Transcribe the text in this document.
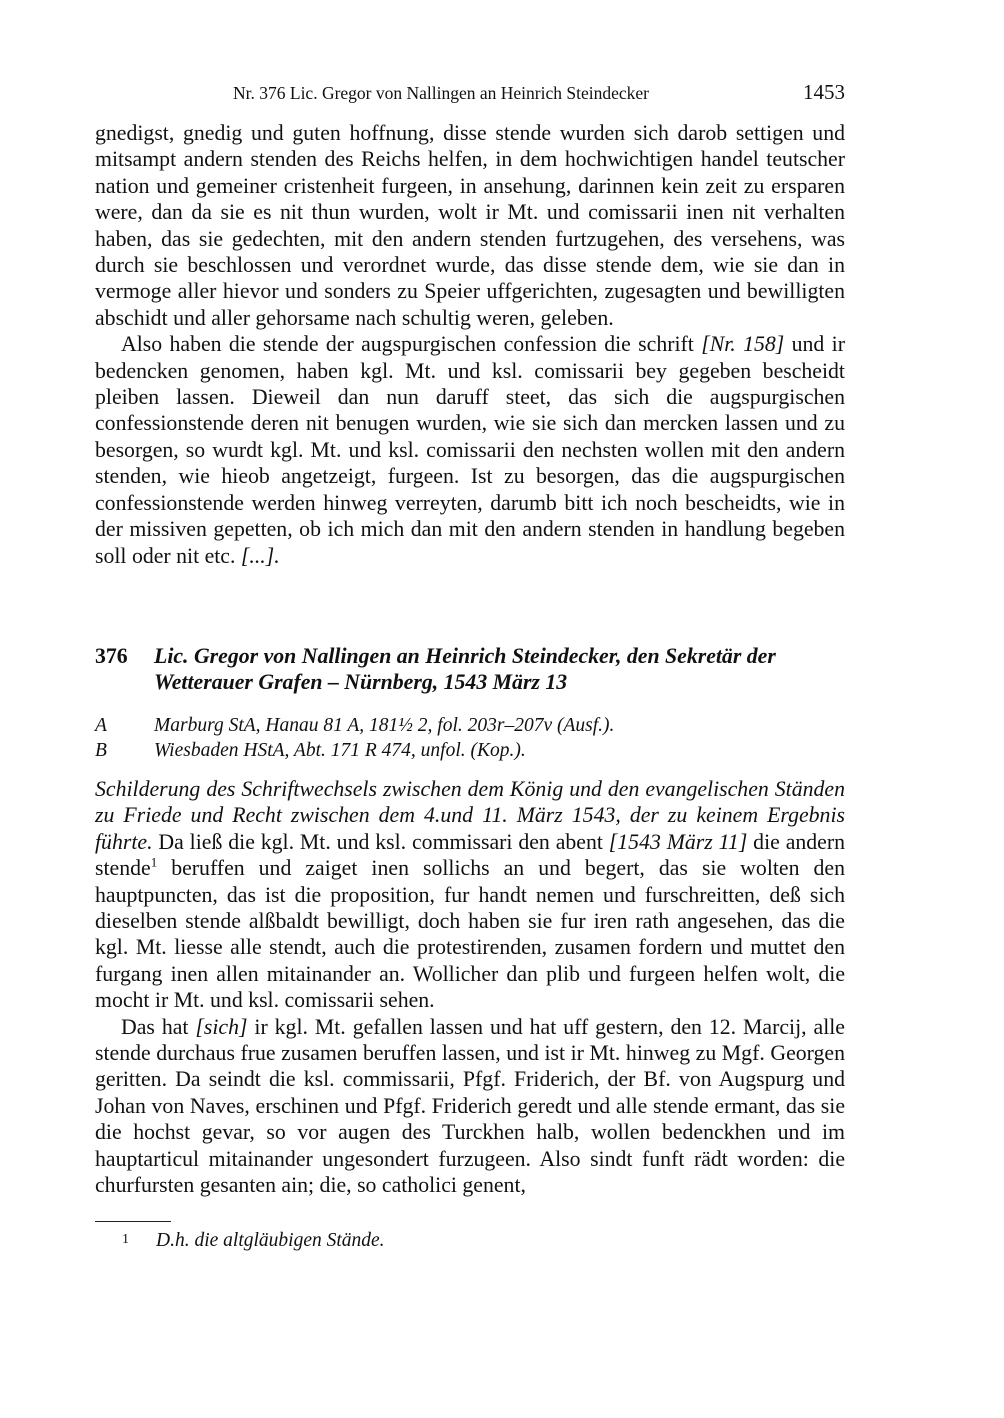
Nr. 376 Lic. Gregor von Nallingen an Heinrich Steindecker	1453

gnedigst, gnedig und guten hoffnung, disse stende wurden sich darob settigen und mitsampt andern stenden des Reichs helfen, in dem hochwichtigen handel teutscher nation und gemeiner cristenheit furgeen, in ansehung, darinnen kein zeit zu ersparen were, dan da sie es nit thun wurden, wolt ir Mt. und comissarii inen nit verhalten haben, das sie gedechten, mit den andern stenden furtzugehen, des versehens, was durch sie beschlossen und verordnet wurde, das disse stende dem, wie sie dan in vermoge aller hievor und sonders zu Speier uffgerichten, zugesagten und bewilligten abschidt und aller gehorsame nach schultig weren, geleben.

Also haben die stende der augspurgischen confession die schrift [Nr. 158] und ir bedencken genomen, haben kgl. Mt. und ksl. comissarii bey gegeben bescheidt pleiben lassen. Dieweil dan nun daruff steet, das sich die augspurgischen confessionstende deren nit benugen wurden, wie sie sich dan mercken lassen und zu besorgen, so wurdt kgl. Mt. und ksl. comissarii den nechsten wollen mit den andern stenden, wie hieob angetzeigt, furgeen. Ist zu besorgen, das die augspurgischen confessionstende werden hinweg verreyten, darumb bitt ich noch bescheidts, wie in der missiven gepetten, ob ich mich dan mit den andern stenden in handlung begeben soll oder nit etc. [...].

376 Lic. Gregor von Nallingen an Heinrich Steindecker, den Sekretär der Wetterauer Grafen – Nürnberg, 1543 März 13
A Marburg StA, Hanau 81 A, 181½ 2, fol. 203r–207v (Ausf.).
B Wiesbaden HStA, Abt. 171 R 474, unfol. (Kop.).

Schilderung des Schriftwechsels zwischen dem König und den evangelischen Ständen zu Friede und Recht zwischen dem 4.und 11. März 1543, der zu keinem Ergebnis führte. Da ließ die kgl. Mt. und ksl. commissari den abent [1543 März 11] die andern stende$^1$ beruffen und zaiget inen sollichs an und begert, das sie wolten den hauptpuncten, das ist die proposition, fur handt nemen und furschreitten, deß sich dieselben stende alßbaldt bewilligt, doch haben sie fur iren rath angesehen, das die kgl. Mt. liesse alle stendt, auch die protestirenden, zusamen fordern und muttet den furgang inen allen mitainander an. Wollicher dan plib und furgeen helfen wolt, die mocht ir Mt. und ksl. comissarii sehen.

Das hat [sich] ir kgl. Mt. gefallen lassen und hat uff gestern, den 12. Marcij, alle stende durchaus frue zusamen beruffen lassen, und ist ir Mt. hinweg zu Mgf. Georgen geritten. Da seindt die ksl. commissarii, Pfgf. Friderich, der Bf. von Augspurg und Johan von Naves, erschinen und Pfgf. Friderich geredt und alle stende ermant, das sie die hochst gevar, so vor augen des Turckhen halb, wollen bedenckhen und im hauptarticul mitainander ungesondert furzugeen. Also sindt funft rädt worden: die churfursten gesanten ain; die, so catholici genent,

1 D.h. die altgläubigen Stände.
